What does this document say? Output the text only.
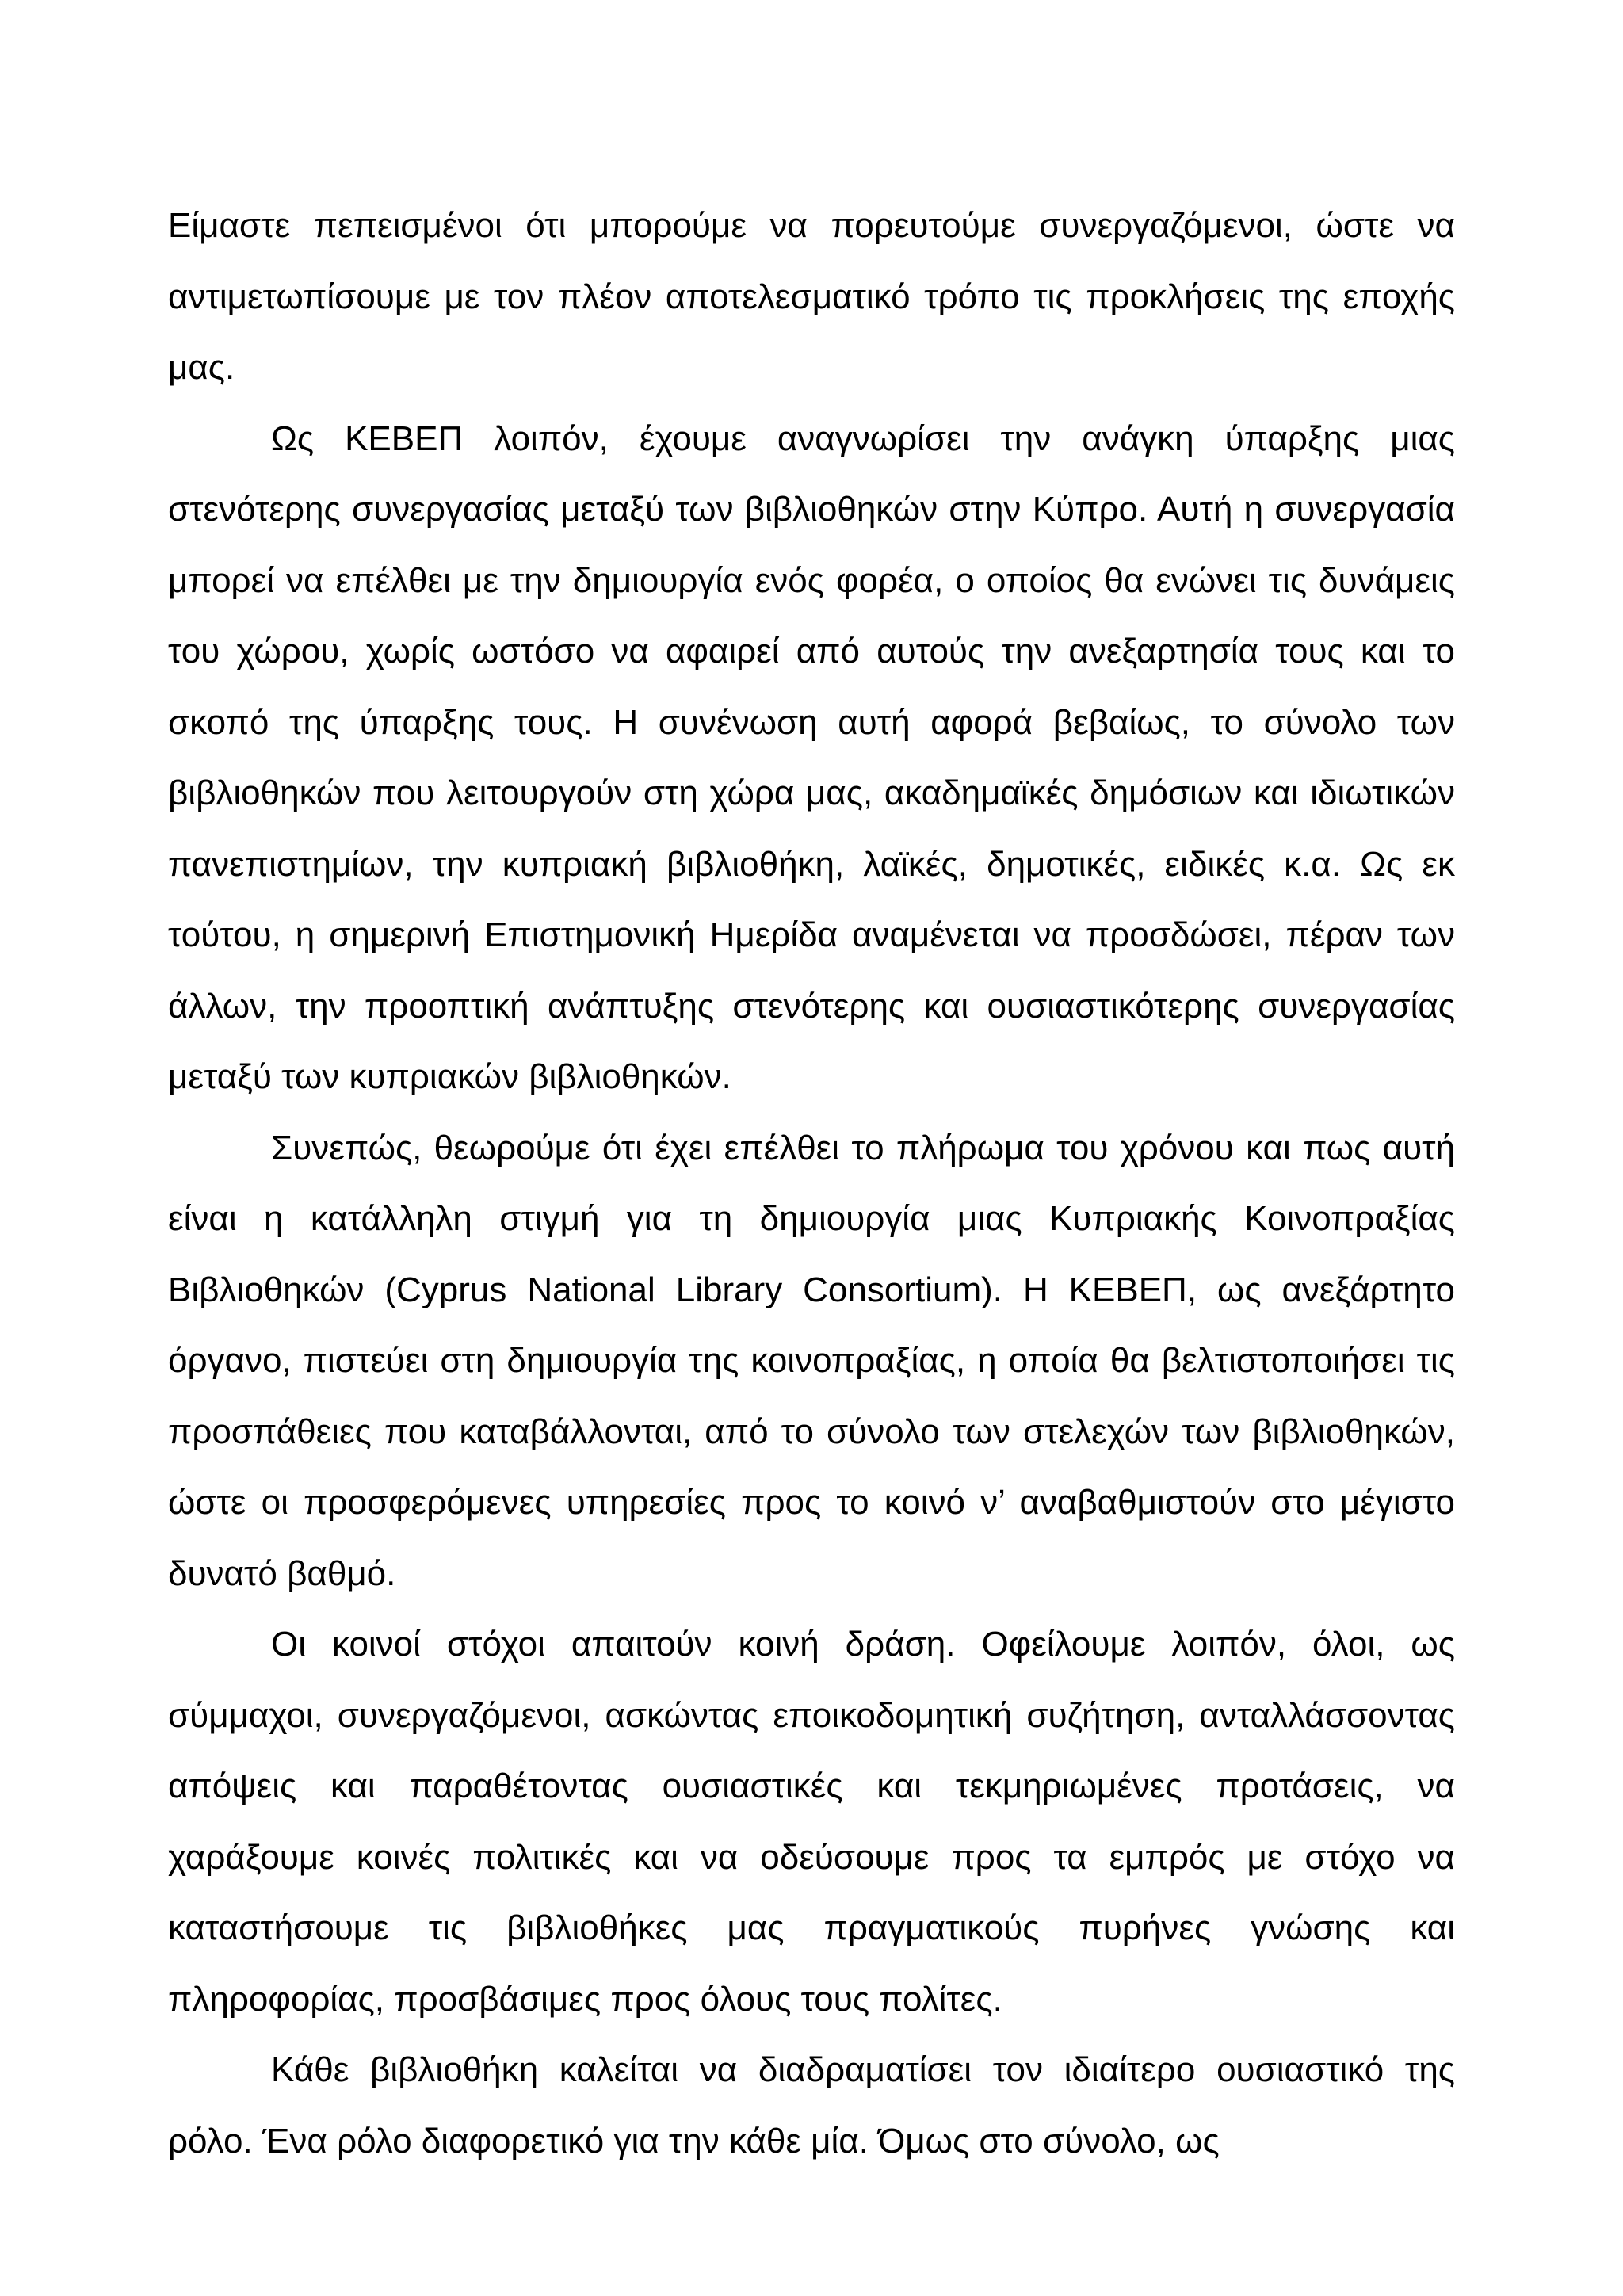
Είμαστε πεπεισμένοι ότι μπορούμε να πορευτούμε συνεργαζόμενοι, ώστε να αντιμετωπίσουμε με τον πλέον αποτελεσματικό τρόπο τις προκλήσεις της εποχής μας.

Ως ΚΕΒΕΠ λοιπόν, έχουμε αναγνωρίσει την ανάγκη ύπαρξης μιας στενότερης συνεργασίας μεταξύ των βιβλιοθηκών στην Κύπρο. Αυτή η συνεργασία μπορεί να επέλθει με την δημιουργία ενός φορέα, ο οποίος θα ενώνει τις δυνάμεις του χώρου, χωρίς ωστόσο να αφαιρεί από αυτούς την ανεξαρτησία τους και το σκοπό της ύπαρξης τους. Η συνένωση αυτή αφορά βεβαίως, το σύνολο των βιβλιοθηκών που λειτουργούν στη χώρα μας, ακαδημαϊκές δημόσιων και ιδιωτικών πανεπιστημίων, την κυπριακή βιβλιοθήκη, λαϊκές, δημοτικές, ειδικές κ.α. Ως εκ τούτου, η σημερινή Επιστημονική Ημερίδα αναμένεται να προσδώσει, πέραν των άλλων, την προοπτική ανάπτυξης στενότερης και ουσιαστικότερης συνεργασίας μεταξύ των κυπριακών βιβλιοθηκών.

Συνεπώς, θεωρούμε ότι έχει επέλθει το πλήρωμα του χρόνου και πως αυτή είναι η κατάλληλη στιγμή για τη δημιουργία μιας Κυπριακής Κοινοπραξίας Βιβλιοθηκών (Cyprus National Library Consortium). Η ΚΕΒΕΠ, ως ανεξάρτητο όργανο, πιστεύει στη δημιουργία της κοινοπραξίας, η οποία θα βελτιστοποιήσει τις προσπάθειες που καταβάλλονται, από το σύνολο των στελεχών των βιβλιοθηκών, ώστε οι προσφερόμενες υπηρεσίες προς το κοινό ν’ αναβαθμιστούν στο μέγιστο δυνατό βαθμό.

Οι κοινοί στόχοι απαιτούν κοινή δράση. Οφείλουμε λοιπόν, όλοι, ως σύμμαχοι, συνεργαζόμενοι, ασκώντας εποικοδομητική συζήτηση, ανταλλάσσοντας απόψεις και παραθέτοντας ουσιαστικές και τεκμηριωμένες προτάσεις, να χαράξουμε κοινές πολιτικές και να οδεύσουμε προς τα εμπρός με στόχο να καταστήσουμε τις βιβλιοθήκες μας πραγματικούς πυρήνες γνώσης και πληροφορίας, προσβάσιμες προς όλους τους πολίτες.

Κάθε βιβλιοθήκη καλείται να διαδραματίσει τον ιδιαίτερο ουσιαστικό της ρόλο. Ένα ρόλο διαφορετικό για την κάθε μία. Όμως στο σύνολο, ως
